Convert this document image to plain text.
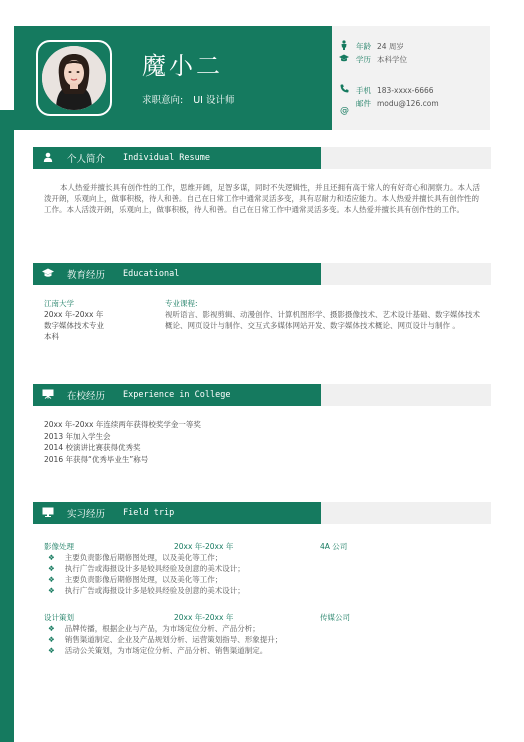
魔小二
求职意向: UI 设计师
年龄 24 周岁
学历 本科学位
手机 183-xxxx-6666
邮件 modu@126.com
@
个人简介 Individual Resume
本人热爱并擅长具有创作性的工作，思维开阔，足智多谋，同时不失逻辑性，并且还拥有高于常人的有好奇心和洞察力。本人活泼开朗，乐观向上，做事积极，待人和善。自己在日常工作中通常灵活多变，具有忍耐力和适应能力。本人热爱并擅长具有创作性的工作。本人活泼开朗，乐观向上，做事积极，待人和善。自己在日常工作中通常灵活多变。本人热爱并擅长具有创作性的工作。
教育经历 Educational
江南大学
20xx 年-20xx 年
数字媒体技术专业
本科
专业课程:
视听语言、影视剪辑、动漫创作、计算机图形学、摄影摄像技术、艺术设计基础、数字媒体技术概论、网页设计与制作、交互式多媒体网站开发、数字媒体技术概论、网页设计与制作 。
在校经历 Experience in College
20xx 年-20xx 年连续两年获得校奖学金一等奖
2013 年加入学生会
2014 校演讲比赛获得优秀奖
2016 年获得“优秀毕业生”称号
实习经历 Field trip
影像处理	20xx 年-20xx 年	4A 公司
❖ 主要负责影像后期修图处理，以及美化等工作；
❖ 执行广告或海报设计多是较具经验及创意的美术设计；
❖ 主要负责影像后期修图处理，以及美化等工作；
❖ 执行广告或海报设计多是较具经验及创意的美术设计；
设计策划	20xx 年-20xx 年	传媒公司
❖ 品牌传播，根据企业与产品，为市场定位分析、产品分析；
❖ 销售渠道制定、企业及产品规划分析、运营策划指导、形象提升；
❖ 活动公关策划，为市场定位分析、产品分析、销售渠道制定。
